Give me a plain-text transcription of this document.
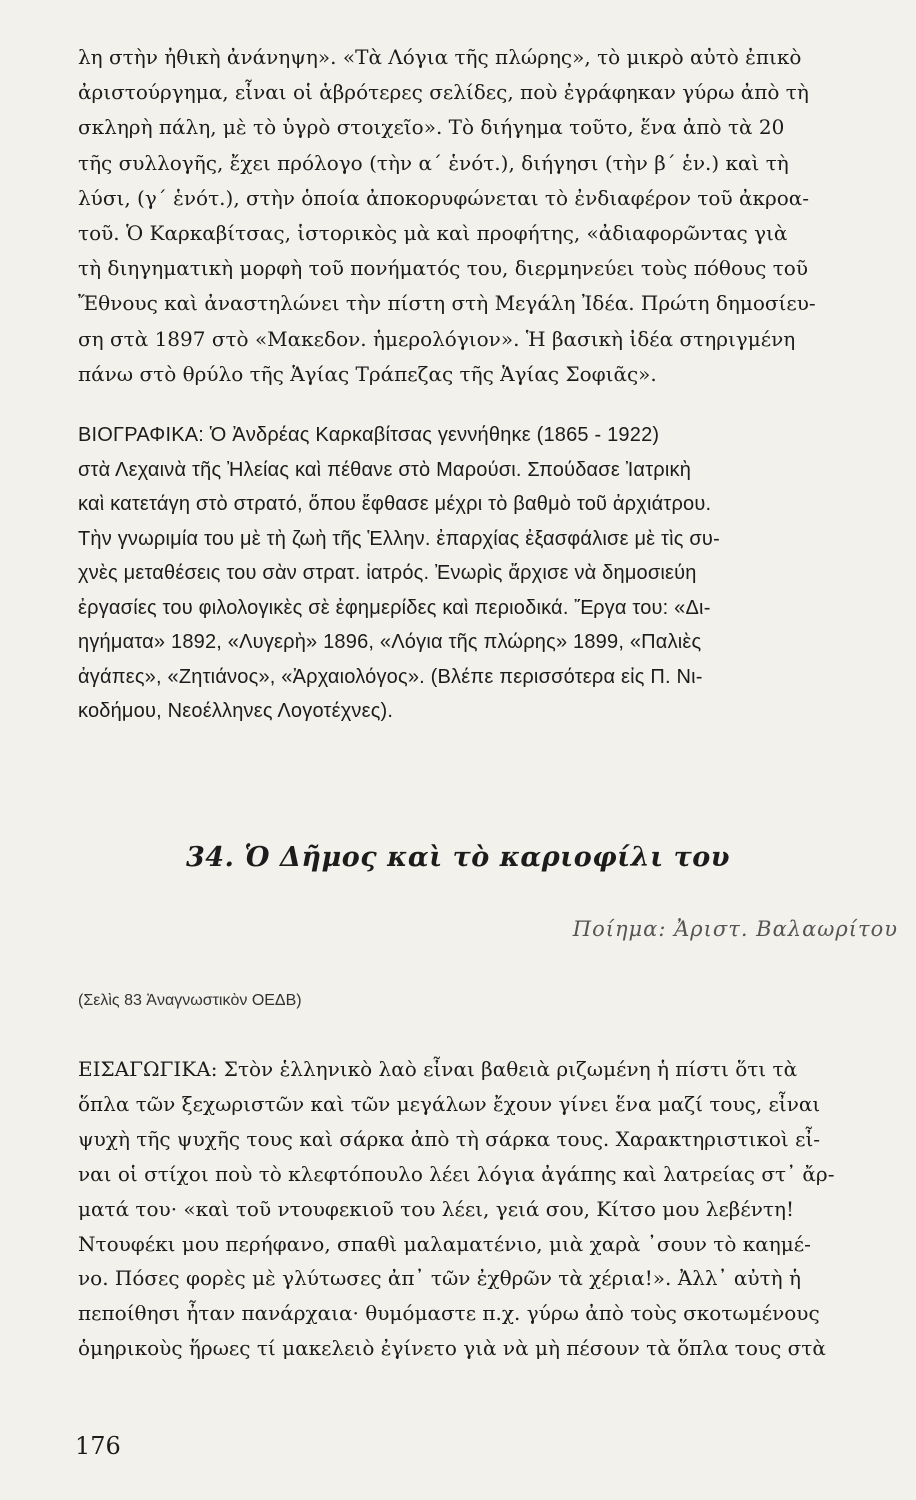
λη στὴν ἠθικὴ ἀνάνηψη». «Τὰ Λόγια τῆς πλώρης», τὸ μικρὸ αὐτὸ ἐπικὸ

ἀριστούργημα, εἶναι οἱ ἁβρότερες σελίδες, ποὺ ἐγράφηκαν γύρω ἀπὸ τὴ

σκληρὴ πάλη, μὲ τὸ ὑγρὸ στοιχεῖο». Τὸ διήγημα τοῦτο, ἕνα ἀπὸ τὰ 20

τῆς συλλογῆς, ἔχει πρόλογο (τὴν α΄ ἑνότ.), διήγησι (τὴν β΄ ἑν.) καὶ τὴ

λύσι, (γ΄ ἑνότ.), στὴν ὁποία ἀποκορυφώνεται τὸ ἐνδιαφέρον τοῦ ἀκροα-

τοῦ. Ὁ Καρκαβίτσας, ἱστορικὸς μὰ καὶ προφήτης, «ἀδιαφορῶντας γιὰ

τὴ διηγηματικὴ μορφὴ τοῦ πονήματός του, διερμηνεύει τοὺς πόθους τοῦ

Ἔθνους καὶ ἀναστηλώνει τὴν πίστη στὴ Μεγάλη Ἰδέα. Πρώτη δημοσίευ-

ση στὰ 1897 στὸ «Μακεδον. ἡμερολόγιον». Ἡ βασικὴ ἰδέα στηριγμένη

πάνω στὸ θρύλο τῆς Ἁγίας Τράπεζας τῆς Ἁγίας Σοφιᾶς».

ΒΙΟΓΡΑΦΙΚΑ: Ὁ Ἀνδρέας Καρκαβίτσας γεννήθηκε (1865 - 1922)

στὰ Λεχαινὰ τῆς Ἠλείας καὶ πέθανε στὸ Μαρούσι. Σπούδασε Ἰατρικὴ

καὶ κατετάγη στὸ στρατό, ὅπου ἔφθασε μέχρι τὸ βαθμὸ τοῦ ἀρχιάτρου.

Τὴν γνωριμία του μὲ τὴ ζωὴ τῆς Ἑλλην. ἐπαρχίας ἐξασφάλισε μὲ τὶς συ-

χνὲς μεταθέσεις του σὰν στρατ. ἰατρός. Ἐνωρὶς ἄρχισε νὰ δημοσιεύη

ἐργασίες του φιλολογικὲς σὲ ἐφημερίδες καὶ περιοδικά. Ἔργα του: «Δι-

ηγήματα» 1892, «Λυγερὴ» 1896, «Λόγια τῆς πλώρης» 1899, «Παλιὲς

ἀγάπες», «Ζητιάνος», «Ἀρχαιολόγος». (Βλέπε περισσότερα εἰς Π. Νι-

κοδήμου, Νεοέλληνες Λογοτέχνες).

34. Ὁ Δῆμος καὶ τὸ καριοφίλι του
Ποίημα: Ἀριστ. Βαλαωρίτου
(Σελὶς 83 Ἀναγνωστικὸν ΟΕΔΒ)

ΕΙΣΑΓΩΓΙΚΑ: Στὸν ἑλληνικὸ λαὸ εἶναι βαθειὰ ριζωμένη ἡ πίστι ὅτι τὰ

ὅπλα τῶν ξεχωριστῶν καὶ τῶν μεγάλων ἔχουν γίνει ἕνα μαζί τους, εἶναι

ψυχὴ τῆς ψυχῆς τους καὶ σάρκα ἀπὸ τὴ σάρκα τους. Χαρακτηριστικοὶ εἶ-

ναι οἱ στίχοι ποὺ τὸ κλεφτόπουλο λέει λόγια ἀγάπης καὶ λατρείας στ᾽ ἄρ-

ματά του· «καὶ τοῦ ντουφεκιοῦ του λέει, γειά σου, Κίτσο μου λεβέντη!

Ντουφέκι μου περήφανο, σπαθὶ μαλαματένιο, μιὰ χαρὰ ᾽σουν τὸ καημέ-

νο. Πόσες φορὲς μὲ γλύτωσες ἀπ᾽ τῶν ἐχθρῶν τὰ χέρια!». Ἀλλ᾽ αὐτὴ ἡ

πεποίθησι ἦταν πανάρχαια· θυμόμαστε π.χ. γύρω ἀπὸ τοὺς σκοτωμένους

ὁμηρικοὺς ἥρωες τί μακελειὸ ἐγίνετο γιὰ νὰ μὴ πέσουν τὰ ὅπλα τους στὰ

176
